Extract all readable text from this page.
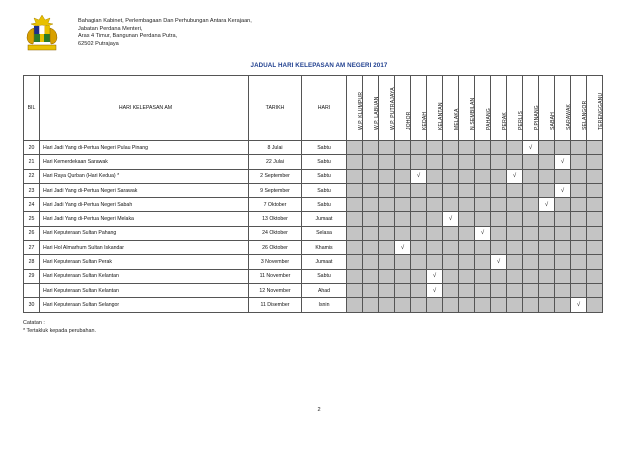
Bahagian Kabinet, Perlembagaan Dan Perhubungan Antara Kerajaan,
Jabatan Perdana Menteri,
Aras 4 Timur, Bangunan Perdana Putra,
62502 Putrajaya
JADUAL HARI KELEPASAN AM NEGERI 2017
BIL	HARI KELEPASAN AM	TARIKH	HARI	W.P. KLUMPUR	W.P. LABUAN	W.P. PUTRAJAYA	JOHOR	KEDAH	KELANTAN	MELAKA	N.SEMBILAN	PAHANG	PERAK	PERLIS	P.PINANG	SABAH	SARAWAK	SELANGOR	TERENGGANU

20	Hari Jadi Yang di-Pertua Negeri Pulau Pinang	8 Julai	Sabtu												√				
21	Hari Kemerdekaan Sarawak	22 Julai	Sabtu														√		
22	Hari Raya Qurban (Hari Kedua) *	2 September	Sabtu					√						√					
23	Hari Jadi Yang di-Pertua Negeri Sarawak	9 September	Sabtu														√		
24	Hari Jadi Yang di-Pertua Negeri Sabah	7 Oktober	Sabtu													√			
25	Hari Jadi Yang di-Pertua Negeri Melaka	13 Oktober	Jumaat							√									
26	Hari Keputeraan Sultan Pahang	24 Oktober	Selasa									√							
27	Hari Hol Almarhum Sultan Iskandar	26 Oktober	Khamis				√												
28	Hari Keputeraan Sultan Perak	3 November	Jumaat										√						
29	Hari Keputeraan Sultan Kelantan	11 November	Sabtu						√										
	Hari Keputeraan Sultan Kelantan	12 November	Ahad						√										
30	Hari Keputeraan Sultan Selangor	11 Disember	Isnin															√	
Catatan :
* Tertakluk kepada perubahan.
2
